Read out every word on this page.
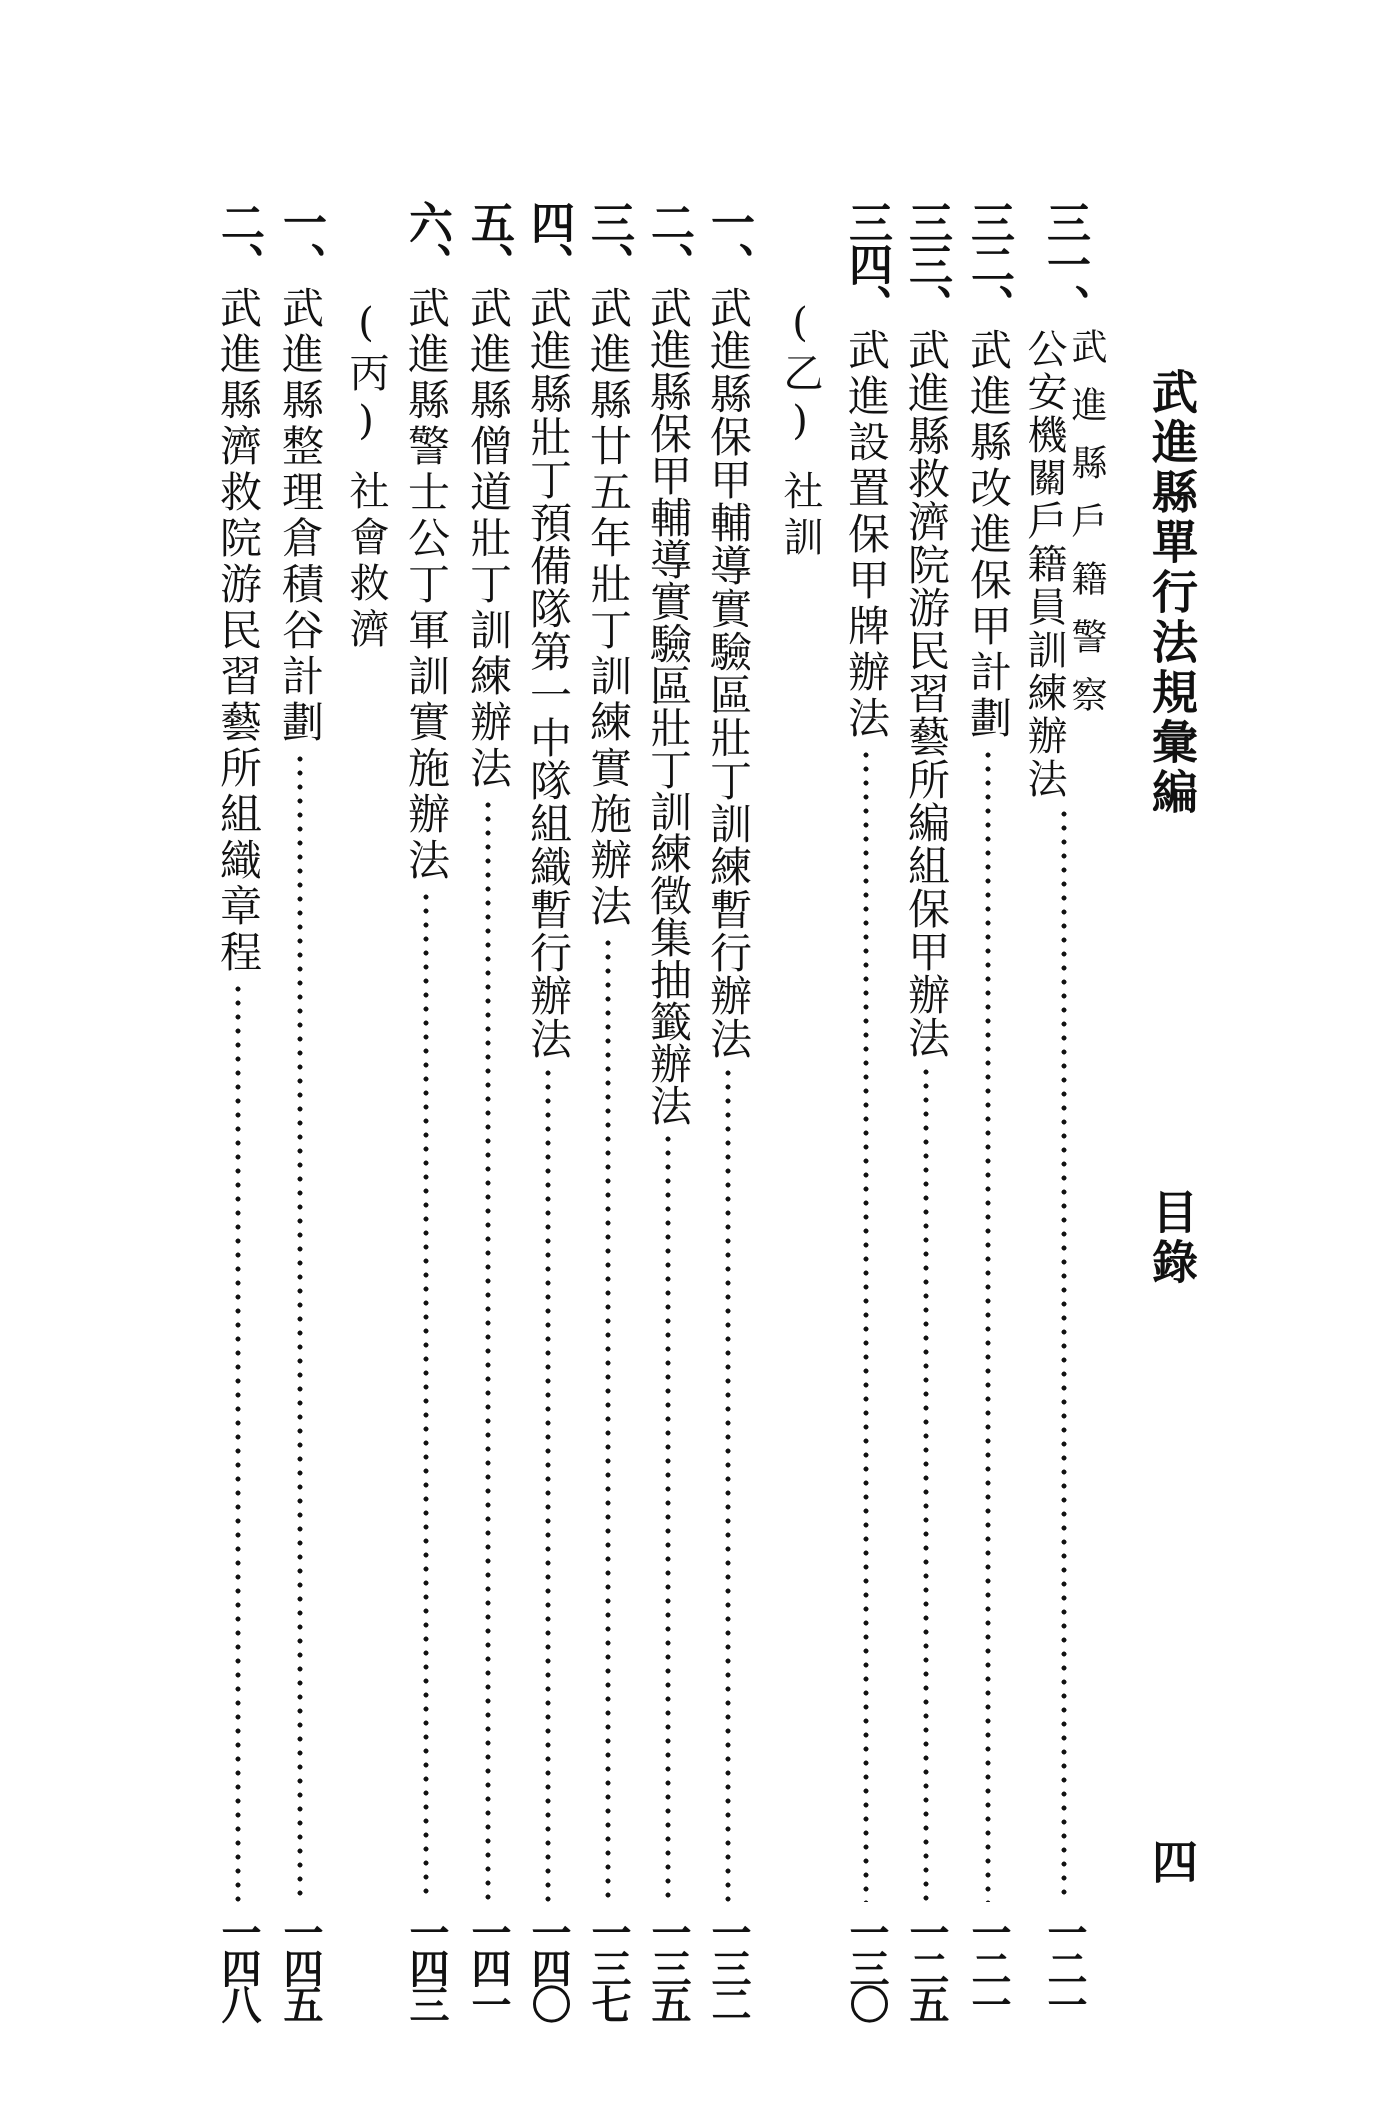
武進縣單行法規彙編
目錄
四
三一、
武進縣戶籍警察
公安機關戶籍員訓練辦法
一二一
三二、
武進縣改進保甲計劃
一二一
三三、
武進縣救濟院游民習藝所編組保甲辦法
一二五
三四、
武進設置保甲牌辦法
一三〇
(乙)
社訓
一、
武進縣保甲輔導實驗區壯丁訓練暫行辦法
一三二
二、
武進縣保甲輔導實驗區壯丁訓練徵集抽籤辦法
一三五
三、
武進縣廿五年壯丁訓練實施辦法
一三七
四、
武進縣壯丁預備隊第一中隊組織暫行辦法
一四〇
五、
武進縣僧道壯丁訓練辦法
一四一
六、
武進縣警士公丁軍訓實施辦法
一四三
(丙)
社會救濟
一、
武進縣整理倉積谷計劃
一四五
二、
武進縣濟救院游民習藝所組織章程
一四八
